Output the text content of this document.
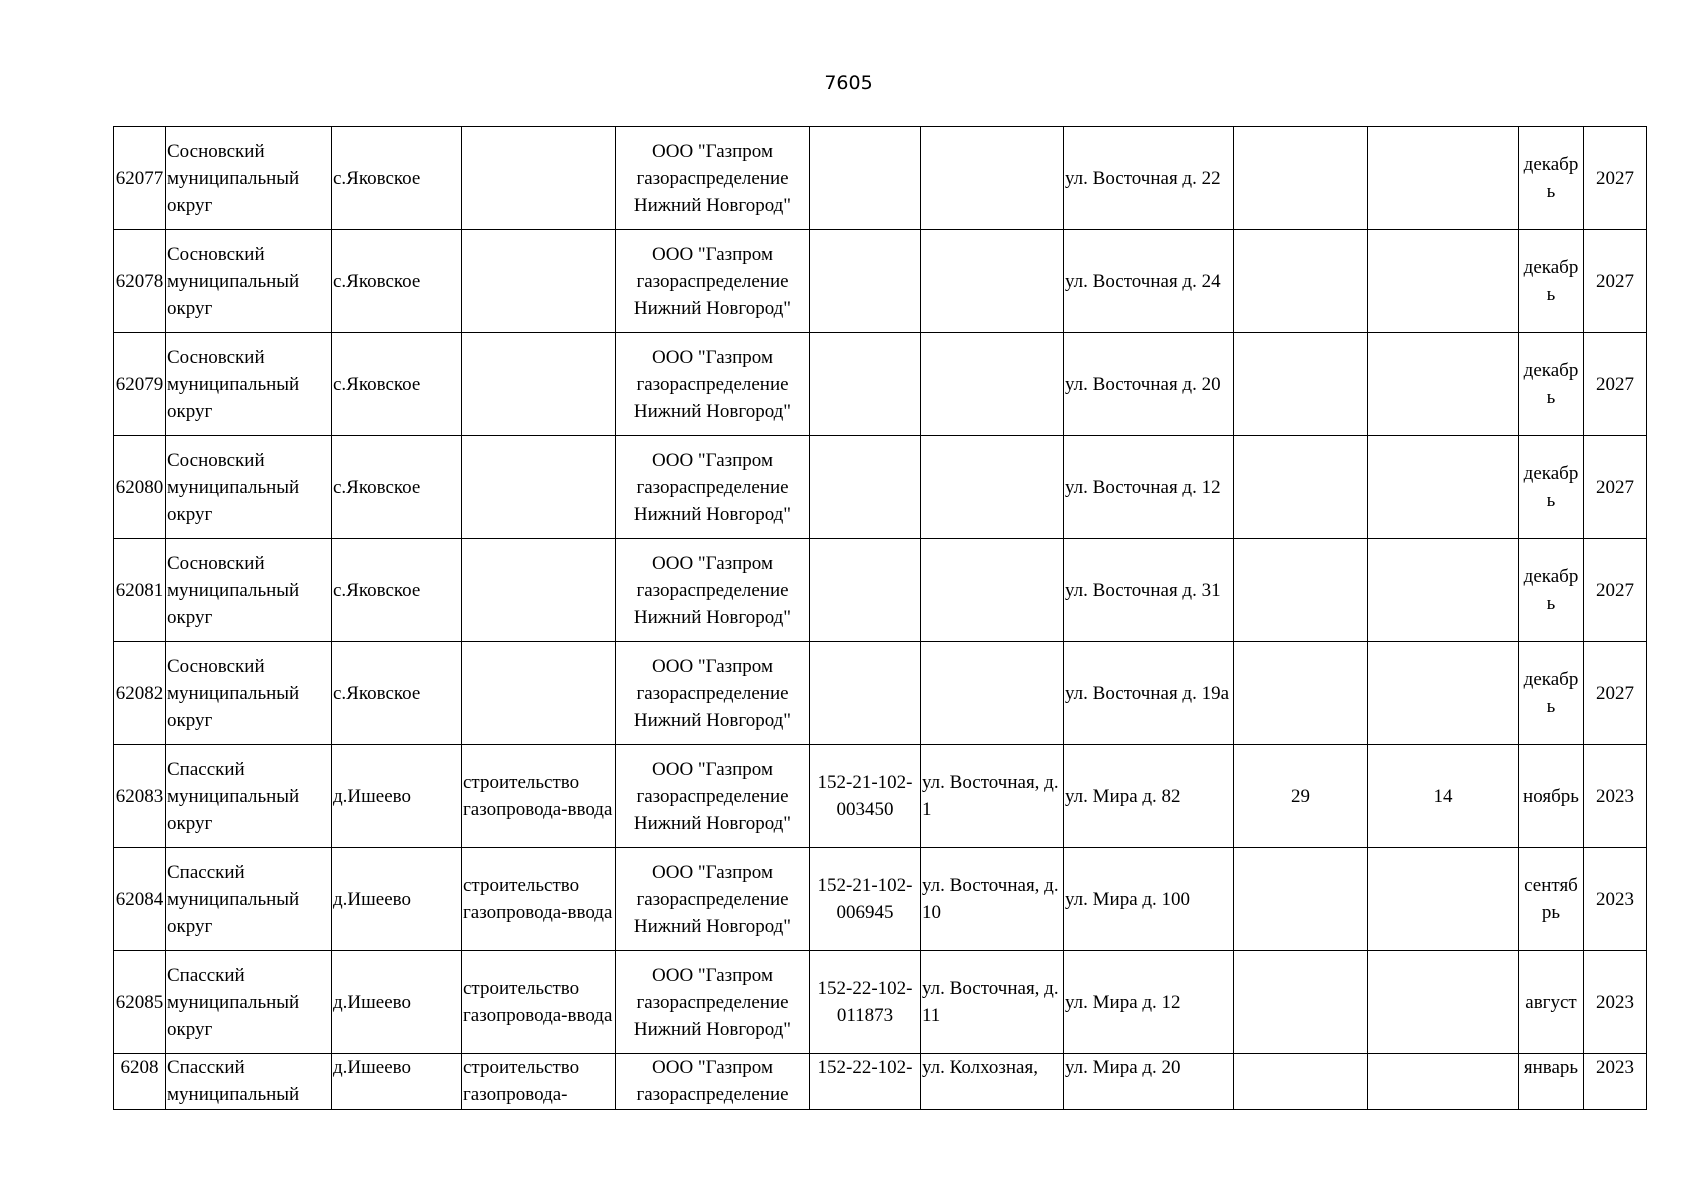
7605
62077	Сосновский муниципальный округ	с.Яковское		ООО "Газпром газораспределение Нижний Новгород"			ул. Восточная д. 22			декабрь	2027
62078	Сосновский муниципальный округ	с.Яковское		ООО "Газпром газораспределение Нижний Новгород"			ул. Восточная д. 24			декабрь	2027
62079	Сосновский муниципальный округ	с.Яковское		ООО "Газпром газораспределение Нижний Новгород"			ул. Восточная д. 20			декабрь	2027
62080	Сосновский муниципальный округ	с.Яковское		ООО "Газпром газораспределение Нижний Новгород"			ул. Восточная д. 12			декабрь	2027
62081	Сосновский муниципальный округ	с.Яковское		ООО "Газпром газораспределение Нижний Новгород"			ул. Восточная д. 31			декабрь	2027
62082	Сосновский муниципальный округ	с.Яковское		ООО "Газпром газораспределение Нижний Новгород"			ул. Восточная д. 19а			декабрь	2027
62083	Спасский муниципальный округ	д.Ишеево	строительство газопровода-ввода	ООО "Газпром газораспределение Нижний Новгород"	152-21-102-003450	ул. Восточная, д. 1	ул. Мира д. 82	29	14	ноябрь	2023
62084	Спасский муниципальный округ	д.Ишеево	строительство газопровода-ввода	ООО "Газпром газораспределение Нижний Новгород"	152-21-102-006945	ул. Восточная, д. 10	ул. Мира д. 100			сентябрь	2023
62085	Спасский муниципальный округ	д.Ишеево	строительство газопровода-ввода	ООО "Газпром газораспределение Нижний Новгород"	152-22-102-011873	ул. Восточная, д. 11	ул. Мира д. 12			август	2023
6208	Спасский муниципальный	д.Ишеево	строительство газопровода-	ООО "Газпром газораспределение	152-22-102-	ул. Колхозная,	ул. Мира д. 20			январь	2023
